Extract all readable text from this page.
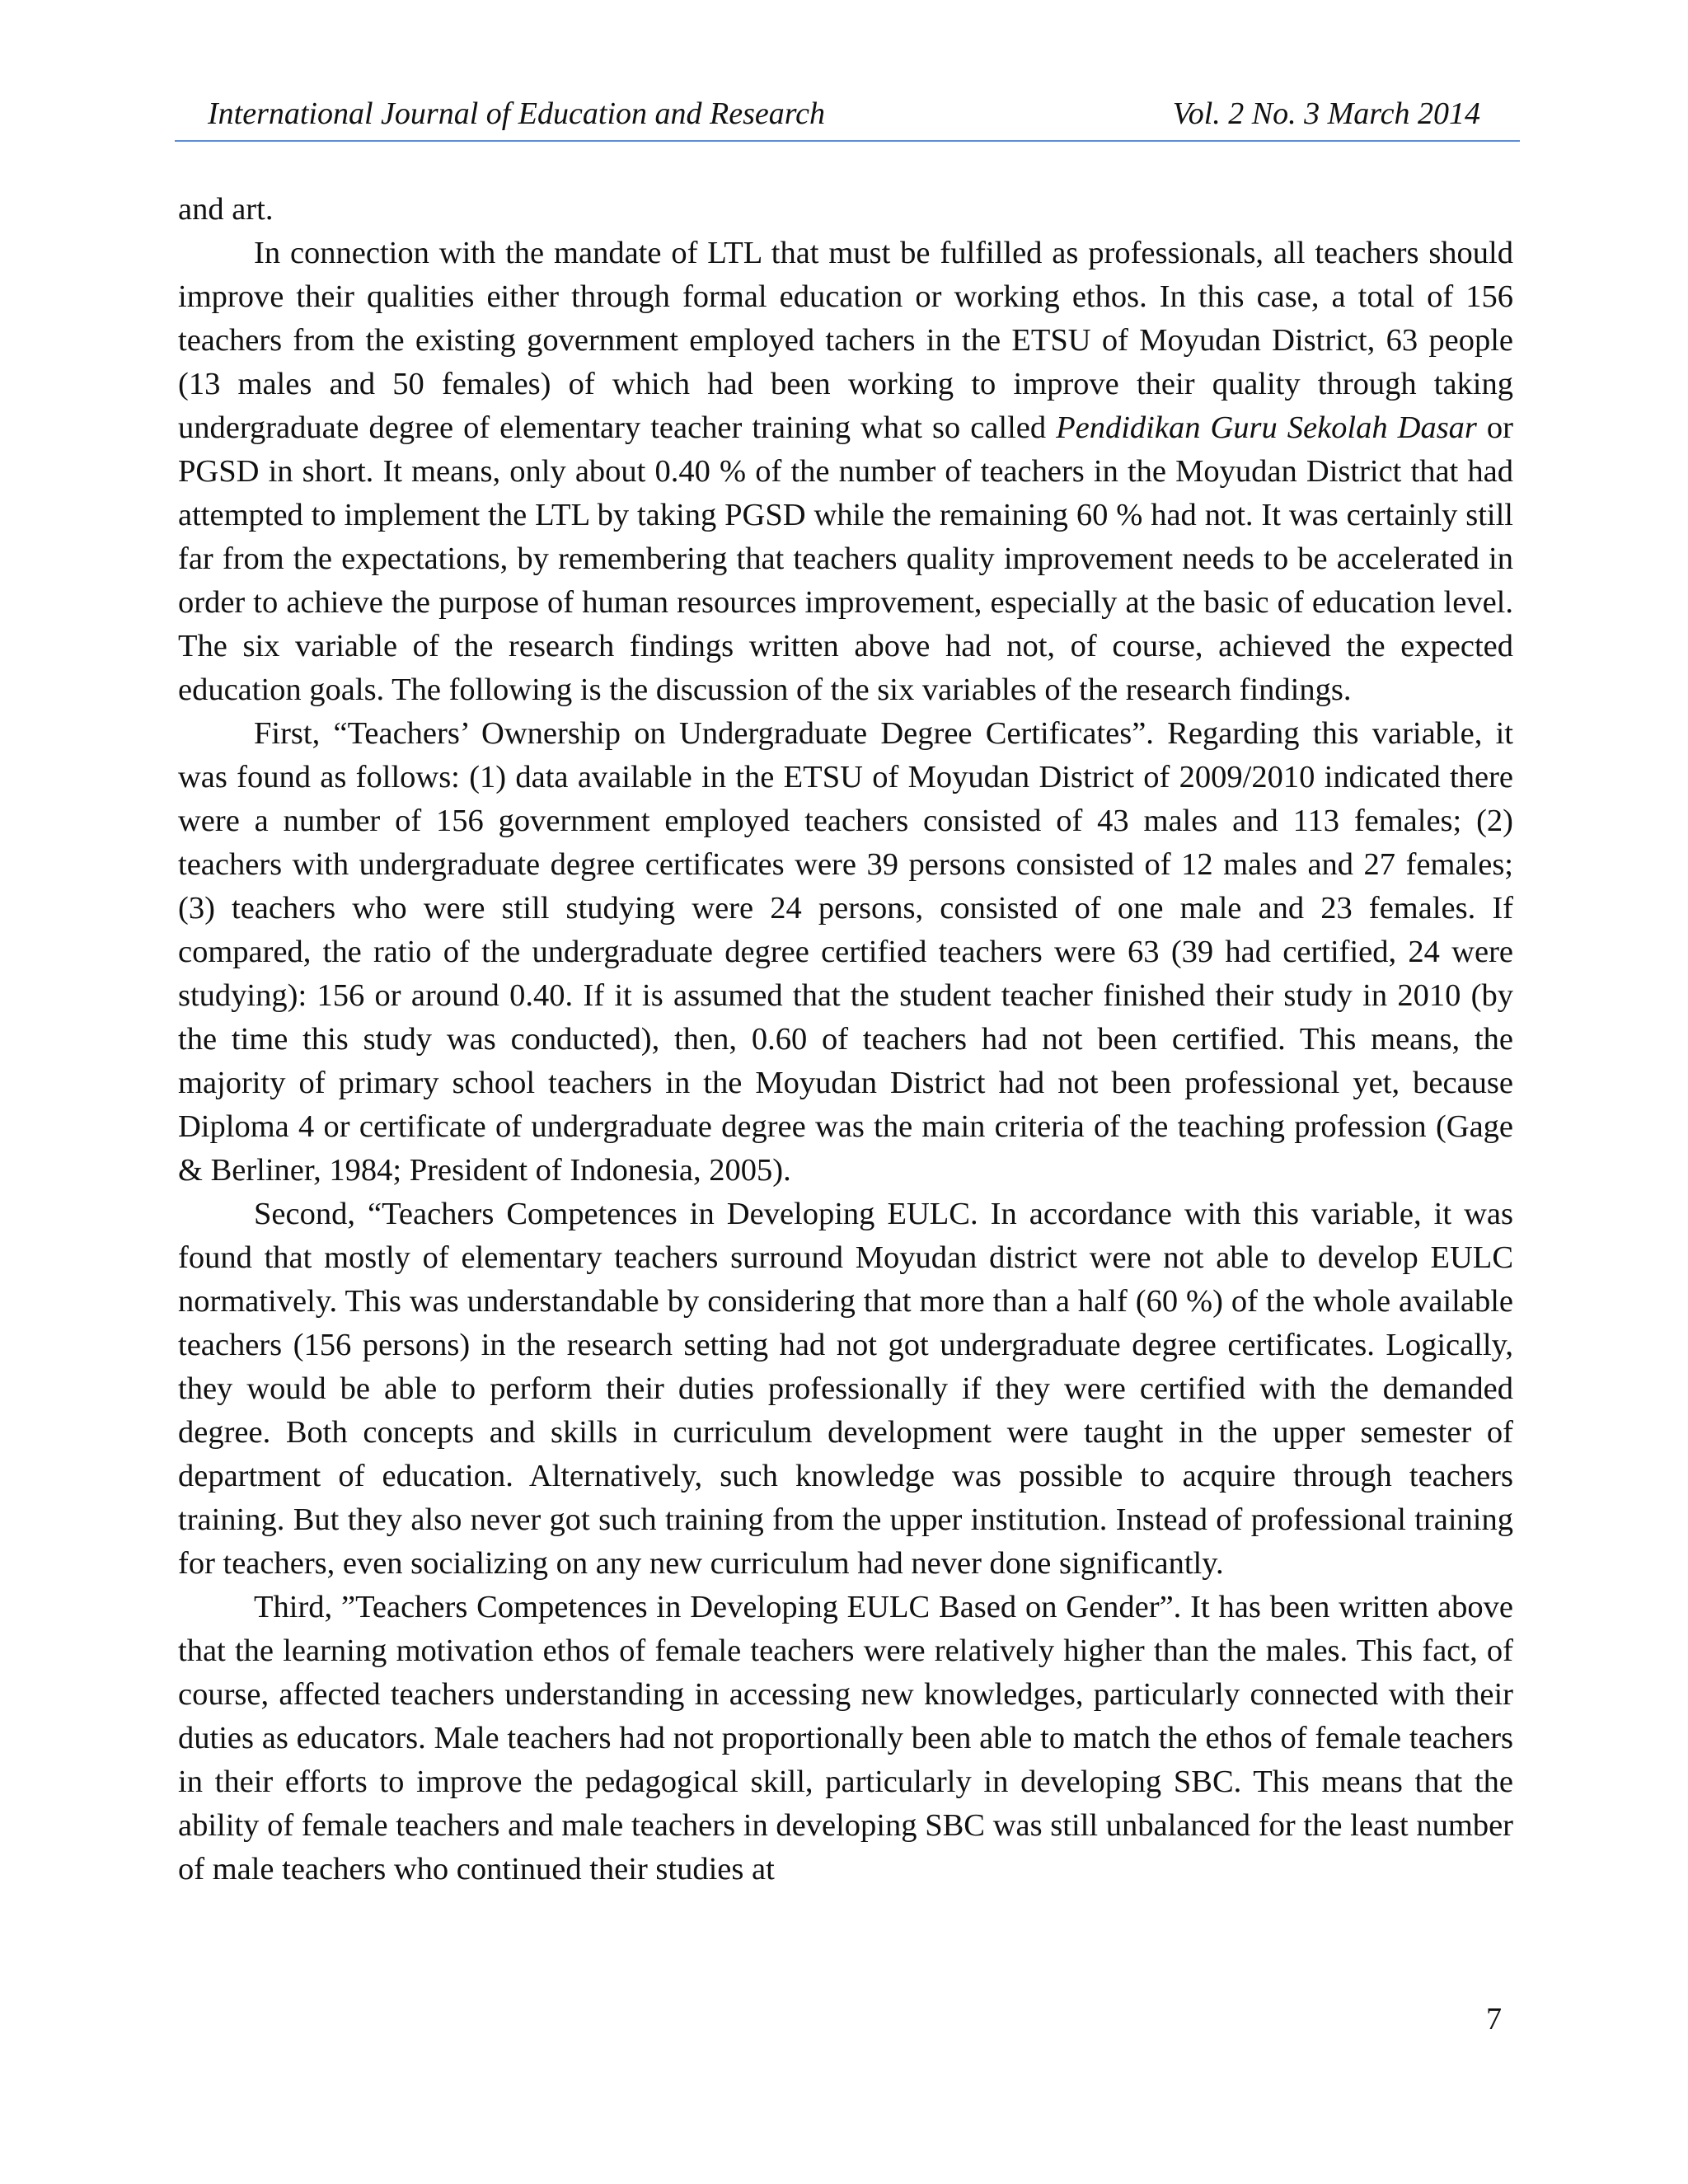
International Journal of Education and Research	Vol. 2 No. 3 March 2014

and art.

In connection with the mandate of LTL that must be fulfilled as professionals, all teachers should improve their qualities either through formal education or working ethos. In this case, a total of 156 teachers from the existing government employed tachers in the ETSU of Moyudan District, 63 people (13 males and 50 females) of which had been working to improve their quality through taking undergraduate degree of elementary teacher training what so called Pendidikan Guru Sekolah Dasar or PGSD in short. It means, only about 0.40 % of the number of teachers in the Moyudan District that had attempted to implement the LTL by taking PGSD while the remaining 60 % had not. It was certainly still far from the expectations, by remembering that teachers quality improvement needs to be accelerated in order to achieve the purpose of human resources improvement, especially at the basic of education level. The six variable of the research findings written above had not, of course, achieved the expected education goals. The following is the discussion of the six variables of the research findings.

First, “Teachers’ Ownership on Undergraduate Degree Certificates”. Regarding this variable, it was found as follows: (1) data available in the ETSU of Moyudan District of 2009/2010 indicated there were a number of 156 government employed teachers consisted of 43 males and 113 females; (2) teachers with undergraduate degree certificates were 39 persons consisted of 12 males and 27 females; (3) teachers who were still studying were 24 persons, consisted of one male and 23 females. If compared, the ratio of the undergraduate degree certified teachers were 63 (39 had certified, 24 were studying): 156 or around 0.40. If it is assumed that the student teacher finished their study in 2010 (by the time this study was conducted), then, 0.60 of teachers had not been certified. This means, the majority of primary school teachers in the Moyudan District had not been professional yet, because Diploma 4 or certificate of undergraduate degree was the main criteria of the teaching profession (Gage & Berliner, 1984; President of Indonesia, 2005).

Second, “Teachers Competences in Developing EULC. In accordance with this variable, it was found that mostly of elementary teachers surround Moyudan district were not able to develop EULC normatively. This was understandable by considering that more than a half (60 %) of the whole available teachers (156 persons) in the research setting had not got undergraduate degree certificates. Logically, they would be able to perform their duties professionally if they were certified with the demanded degree. Both concepts and skills in curriculum development were taught in the upper semester of department of education. Alternatively, such knowledge was possible to acquire through teachers training. But they also never got such training from the upper institution. Instead of professional training for teachers, even socializing on any new curriculum had never done significantly.

Third, ”Teachers Competences in Developing EULC Based on Gender”. It has been written above that the learning motivation ethos of female teachers were relatively higher than the males. This fact, of course, affected teachers understanding in accessing new knowledges, particularly connected with their duties as educators. Male teachers had not proportionally been able to match the ethos of female teachers in their efforts to improve the pedagogical skill, particularly in developing SBC. This means that the ability of female teachers and male teachers in developing SBC was still unbalanced for the least number of male teachers who continued their studies at

7
